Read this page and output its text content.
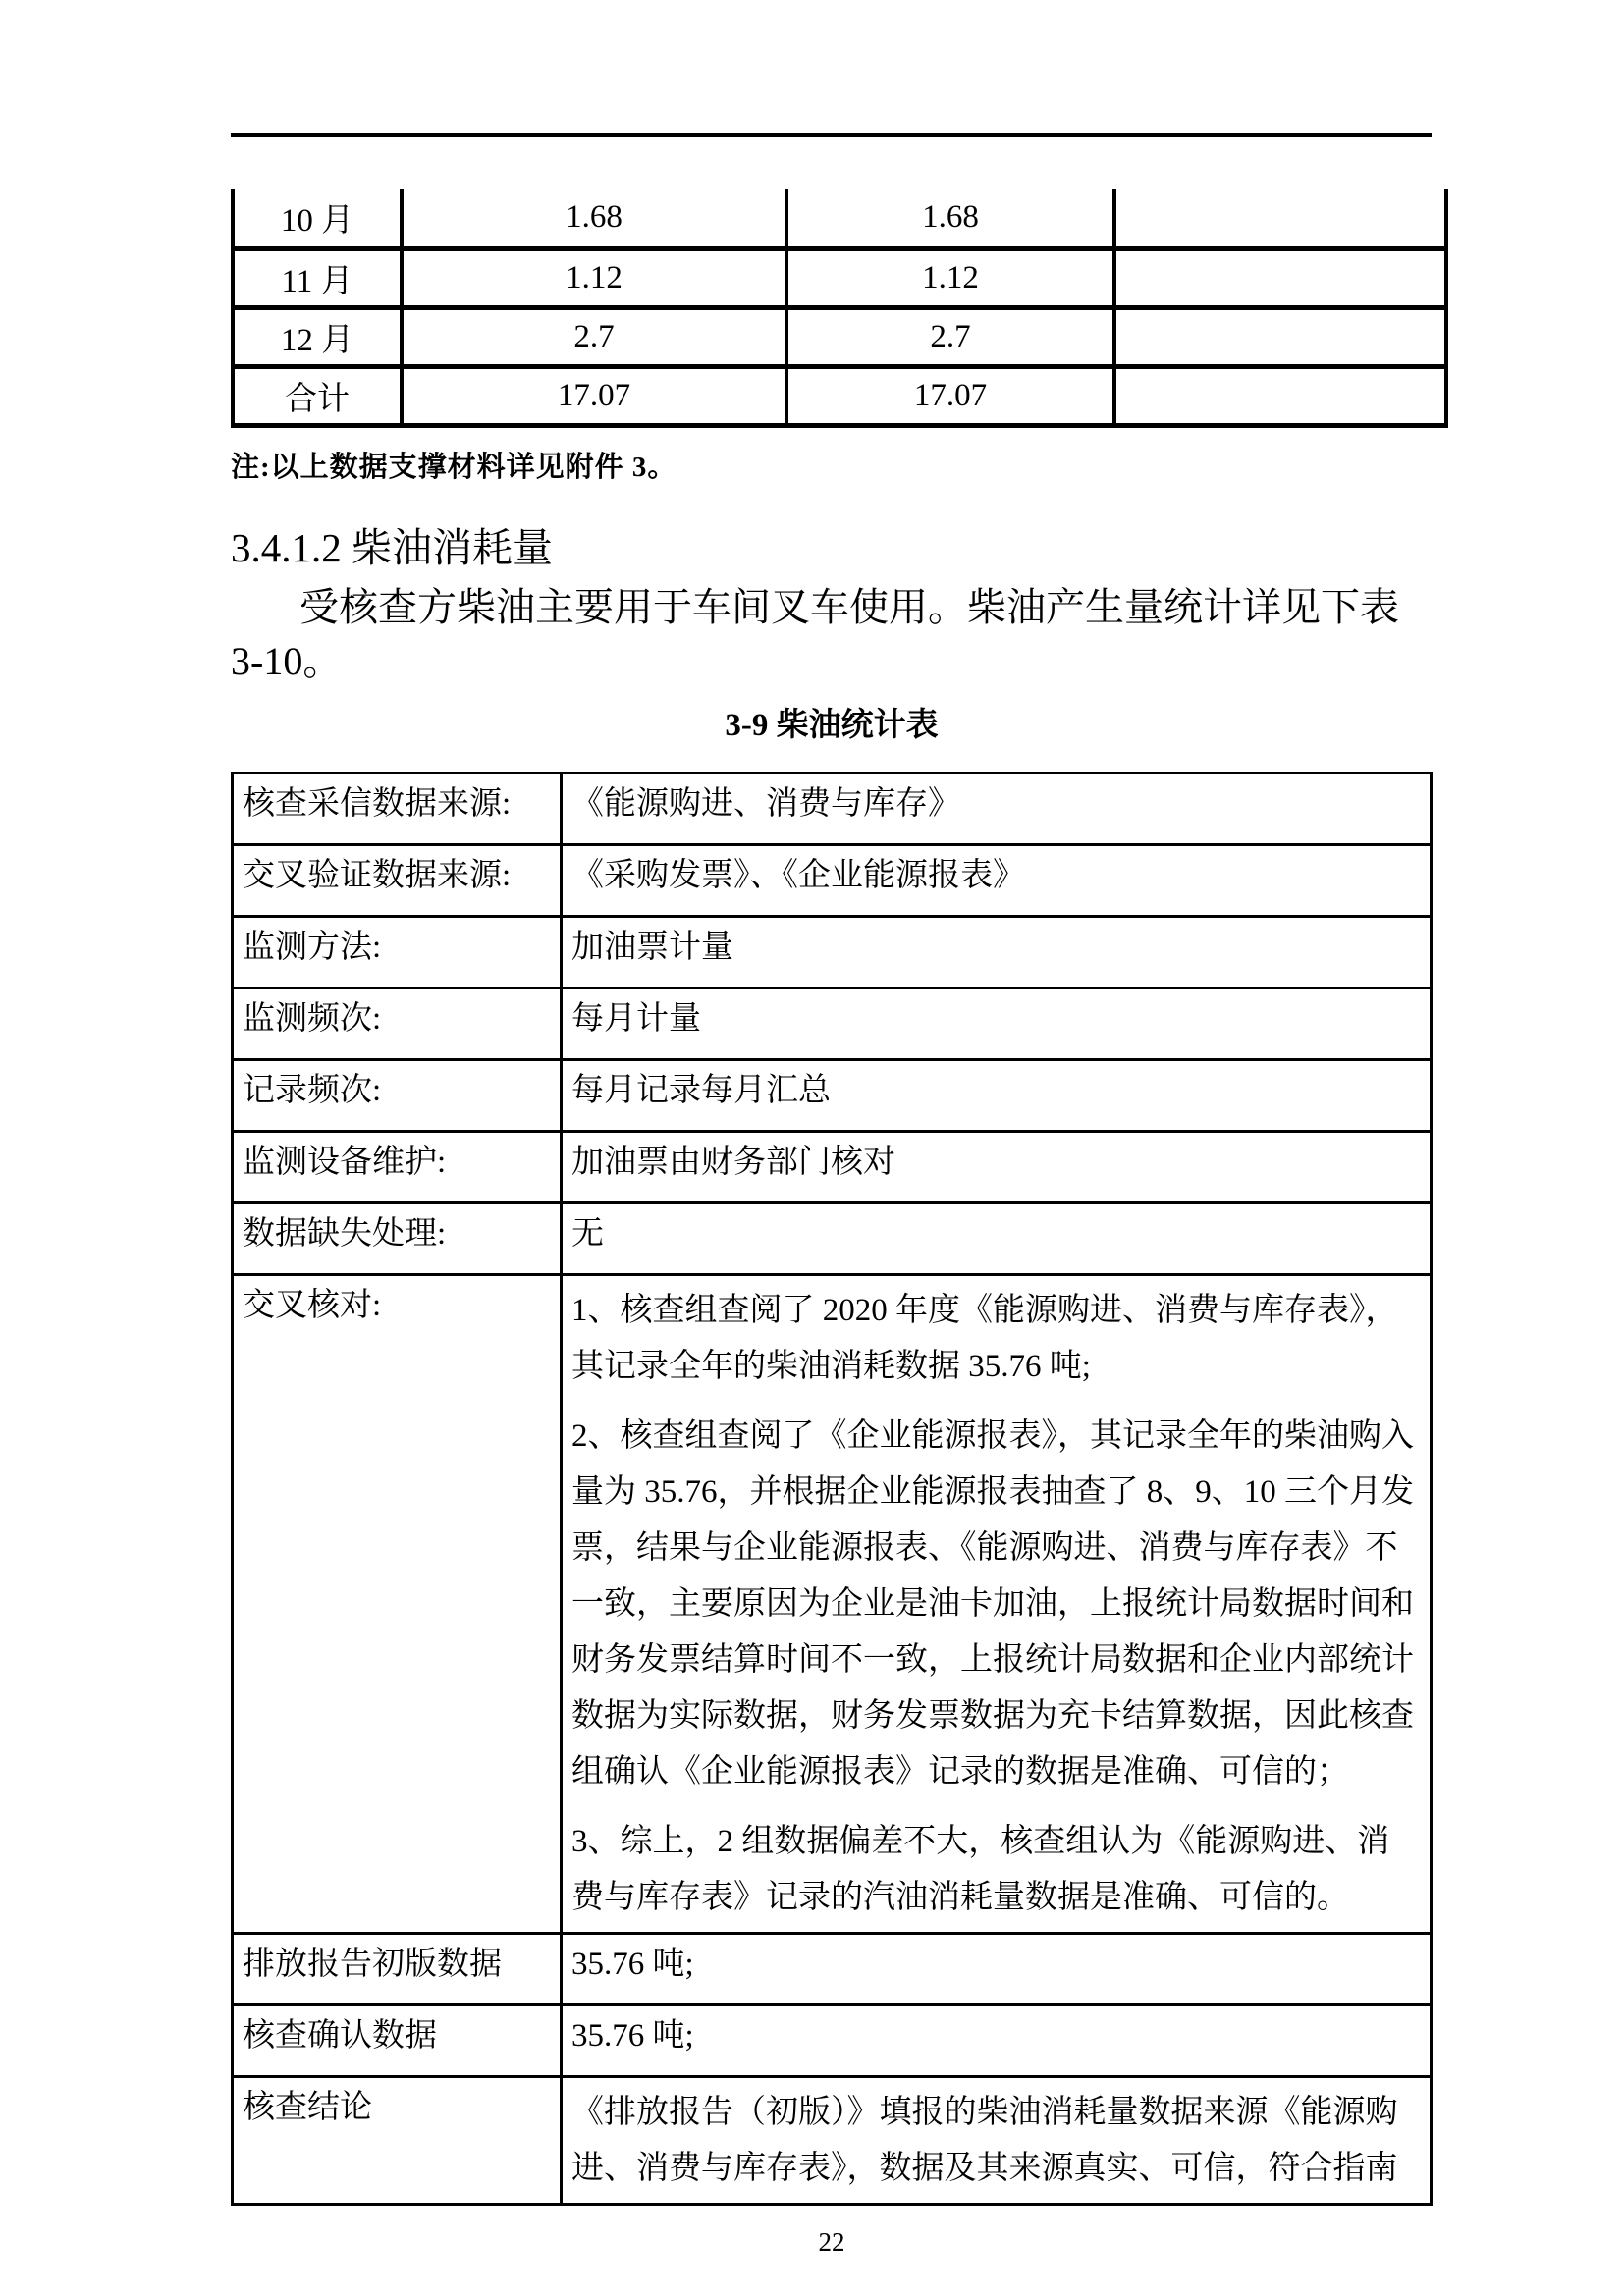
10 月	1.68	1.68	
11 月	1.12	1.12	
12 月	2.7	2.7	
合计	17.07	17.07	
注:以上数据支撑材料详见附件 3。
3.4.1.2 柴油消耗量
受核查方柴油主要用于车间叉车使用。柴油产生量统计详见下表 3-10。
3-9 柴油统计表
核查采信数据来源:	《能源购进、消费与库存》
交叉验证数据来源:	《采购发票》、《企业能源报表》
监测方法:	加油票计量
监测频次:	每月计量
记录频次:	每月记录每月汇总
监测设备维护:	加油票由财务部门核对
数据缺失处理:	无
交叉核对:	1、核查组查阅了 2020 年度《能源购进、消费与库存表》，其记录全年的柴油消耗数据 35.76 吨;

2、核查组查阅了《企业能源报表》，其记录全年的柴油购入量为 35.76，并根据企业能源报表抽查了 8、9、10 三个月发票，结果与企业能源报表、《能源购进、消费与库存表》不一致，主要原因为企业是油卡加油，上报统计局数据时间和财务发票结算时间不一致，上报统计局数据和企业内部统计数据为实际数据，财务发票数据为充卡结算数据，因此核查组确认《企业能源报表》记录的数据是准确、可信的；

3、综上，2 组数据偏差不大，核查组认为《能源购进、消费与库存表》记录的汽油消耗量数据是准确、可信的。

排放报告初版数据	35.76 吨;
核查确认数据	35.76 吨;
核查结论	《排放报告（初版）》填报的柴油消耗量数据来源《能源购进、消费与库存表》，数据及其来源真实、可信，符合指南
22
